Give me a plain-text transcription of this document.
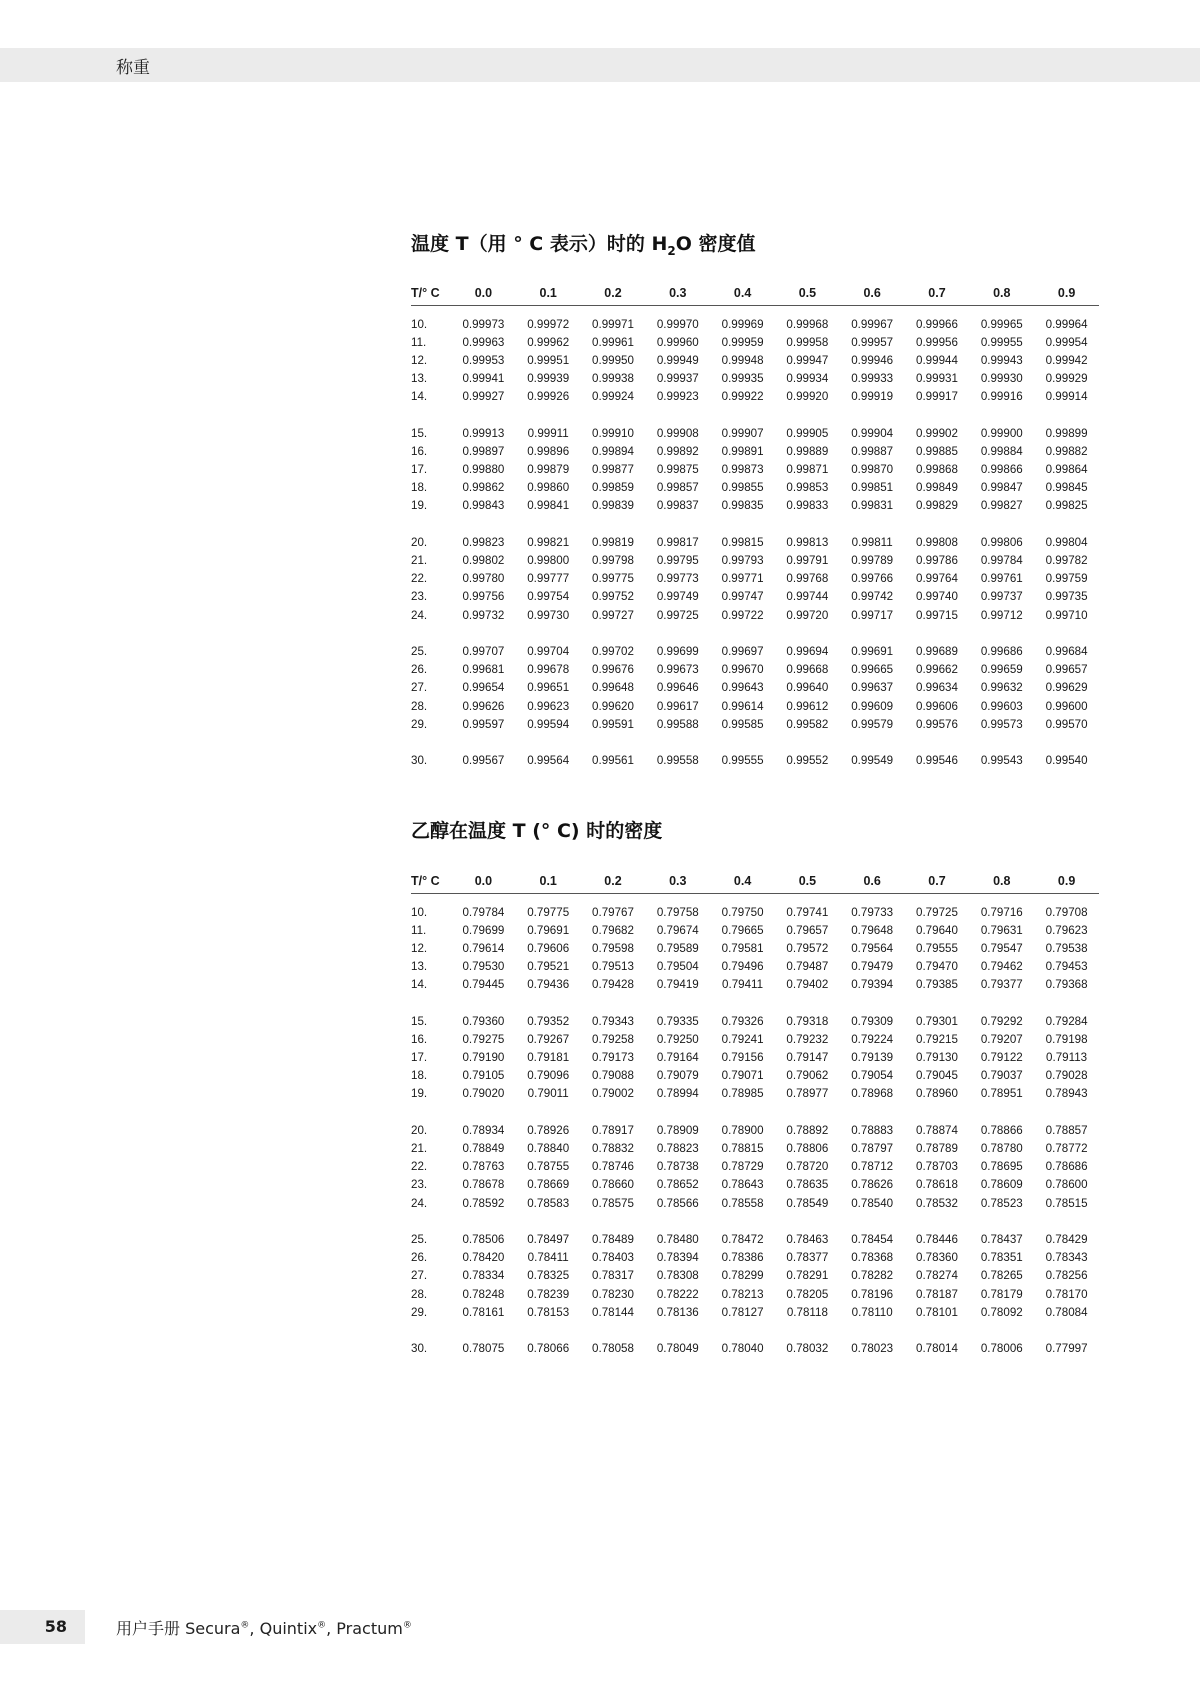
称重
温度 T（用 ° C 表示）时的 $H_2O$ 密度值
T/° C	0.0	0.1	0.2	0.3	0.4	0.5	0.6	0.7	0.8	0.9

10.	0.99973	0.99972	0.99971	0.99970	0.99969	0.99968	0.99967	0.99966	0.99965	0.99964
11.	0.99963	0.99962	0.99961	0.99960	0.99959	0.99958	0.99957	0.99956	0.99955	0.99954
12.	0.99953	0.99951	0.99950	0.99949	0.99948	0.99947	0.99946	0.99944	0.99943	0.99942
13.	0.99941	0.99939	0.99938	0.99937	0.99935	0.99934	0.99933	0.99931	0.99930	0.99929
14.	0.99927	0.99926	0.99924	0.99923	0.99922	0.99920	0.99919	0.99917	0.99916	0.99914

15.	0.99913	0.99911	0.99910	0.99908	0.99907	0.99905	0.99904	0.99902	0.99900	0.99899
16.	0.99897	0.99896	0.99894	0.99892	0.99891	0.99889	0.99887	0.99885	0.99884	0.99882
17.	0.99880	0.99879	0.99877	0.99875	0.99873	0.99871	0.99870	0.99868	0.99866	0.99864
18.	0.99862	0.99860	0.99859	0.99857	0.99855	0.99853	0.99851	0.99849	0.99847	0.99845
19.	0.99843	0.99841	0.99839	0.99837	0.99835	0.99833	0.99831	0.99829	0.99827	0.99825

20.	0.99823	0.99821	0.99819	0.99817	0.99815	0.99813	0.99811	0.99808	0.99806	0.99804
21.	0.99802	0.99800	0.99798	0.99795	0.99793	0.99791	0.99789	0.99786	0.99784	0.99782
22.	0.99780	0.99777	0.99775	0.99773	0.99771	0.99768	0.99766	0.99764	0.99761	0.99759
23.	0.99756	0.99754	0.99752	0.99749	0.99747	0.99744	0.99742	0.99740	0.99737	0.99735
24.	0.99732	0.99730	0.99727	0.99725	0.99722	0.99720	0.99717	0.99715	0.99712	0.99710

25.	0.99707	0.99704	0.99702	0.99699	0.99697	0.99694	0.99691	0.99689	0.99686	0.99684
26.	0.99681	0.99678	0.99676	0.99673	0.99670	0.99668	0.99665	0.99662	0.99659	0.99657
27.	0.99654	0.99651	0.99648	0.99646	0.99643	0.99640	0.99637	0.99634	0.99632	0.99629
28.	0.99626	0.99623	0.99620	0.99617	0.99614	0.99612	0.99609	0.99606	0.99603	0.99600
29.	0.99597	0.99594	0.99591	0.99588	0.99585	0.99582	0.99579	0.99576	0.99573	0.99570

30.	0.99567	0.99564	0.99561	0.99558	0.99555	0.99552	0.99549	0.99546	0.99543	0.99540
乙醇在温度 T (° C) 时的密度
T/° C	0.0	0.1	0.2	0.3	0.4	0.5	0.6	0.7	0.8	0.9

10.	0.79784	0.79775	0.79767	0.79758	0.79750	0.79741	0.79733	0.79725	0.79716	0.79708
11.	0.79699	0.79691	0.79682	0.79674	0.79665	0.79657	0.79648	0.79640	0.79631	0.79623
12.	0.79614	0.79606	0.79598	0.79589	0.79581	0.79572	0.79564	0.79555	0.79547	0.79538
13.	0.79530	0.79521	0.79513	0.79504	0.79496	0.79487	0.79479	0.79470	0.79462	0.79453
14.	0.79445	0.79436	0.79428	0.79419	0.79411	0.79402	0.79394	0.79385	0.79377	0.79368

15.	0.79360	0.79352	0.79343	0.79335	0.79326	0.79318	0.79309	0.79301	0.79292	0.79284
16.	0.79275	0.79267	0.79258	0.79250	0.79241	0.79232	0.79224	0.79215	0.79207	0.79198
17.	0.79190	0.79181	0.79173	0.79164	0.79156	0.79147	0.79139	0.79130	0.79122	0.79113
18.	0.79105	0.79096	0.79088	0.79079	0.79071	0.79062	0.79054	0.79045	0.79037	0.79028
19.	0.79020	0.79011	0.79002	0.78994	0.78985	0.78977	0.78968	0.78960	0.78951	0.78943

20.	0.78934	0.78926	0.78917	0.78909	0.78900	0.78892	0.78883	0.78874	0.78866	0.78857
21.	0.78849	0.78840	0.78832	0.78823	0.78815	0.78806	0.78797	0.78789	0.78780	0.78772
22.	0.78763	0.78755	0.78746	0.78738	0.78729	0.78720	0.78712	0.78703	0.78695	0.78686
23.	0.78678	0.78669	0.78660	0.78652	0.78643	0.78635	0.78626	0.78618	0.78609	0.78600
24.	0.78592	0.78583	0.78575	0.78566	0.78558	0.78549	0.78540	0.78532	0.78523	0.78515

25.	0.78506	0.78497	0.78489	0.78480	0.78472	0.78463	0.78454	0.78446	0.78437	0.78429
26.	0.78420	0.78411	0.78403	0.78394	0.78386	0.78377	0.78368	0.78360	0.78351	0.78343
27.	0.78334	0.78325	0.78317	0.78308	0.78299	0.78291	0.78282	0.78274	0.78265	0.78256
28.	0.78248	0.78239	0.78230	0.78222	0.78213	0.78205	0.78196	0.78187	0.78179	0.78170
29.	0.78161	0.78153	0.78144	0.78136	0.78127	0.78118	0.78110	0.78101	0.78092	0.78084

30.	0.78075	0.78066	0.78058	0.78049	0.78040	0.78032	0.78023	0.78014	0.78006	0.77997
58	用户手册 Secura®, Quintix®, Practum®
